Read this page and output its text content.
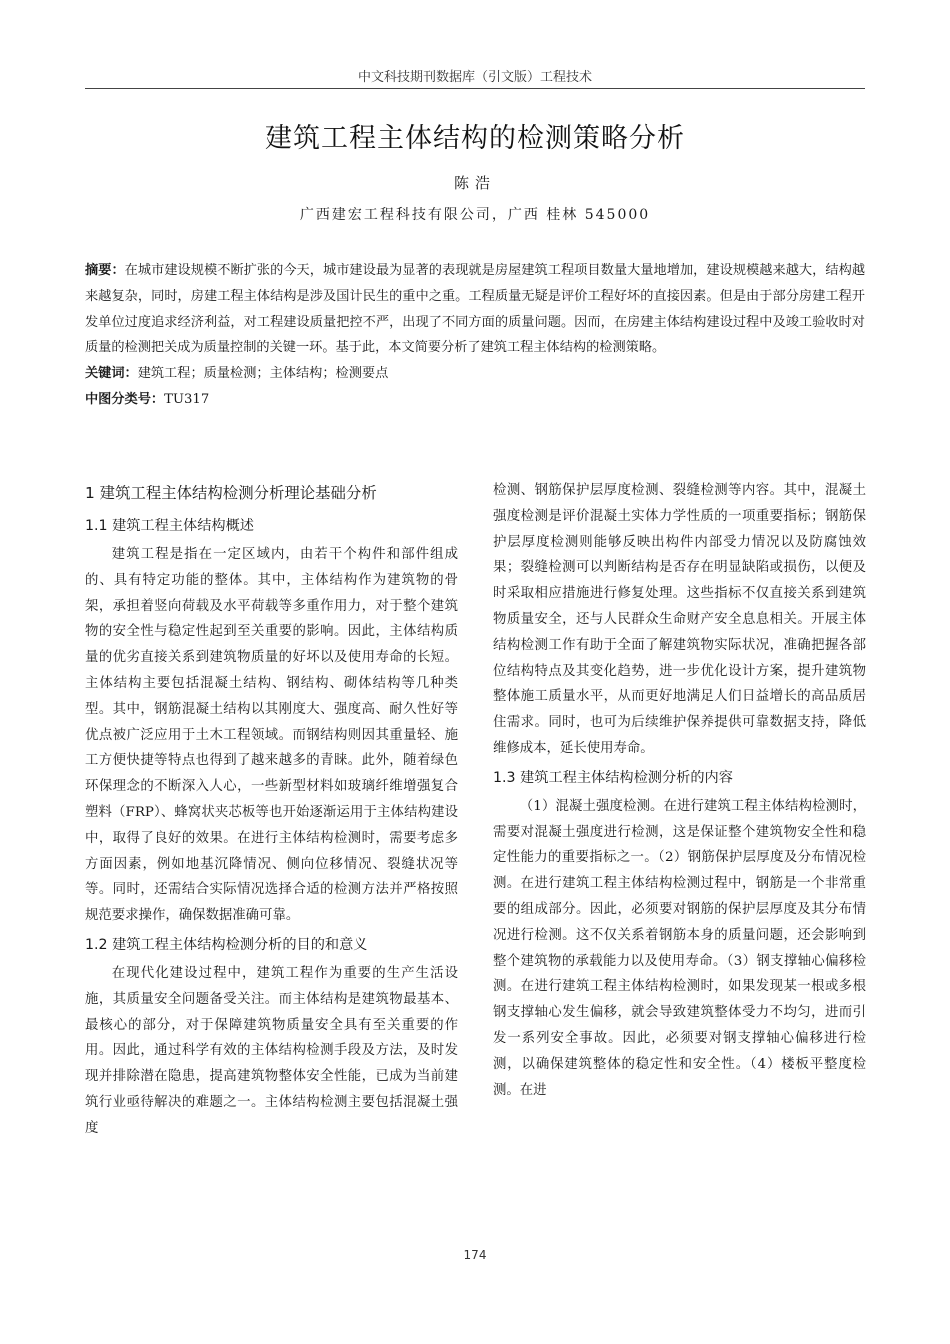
中文科技期刊数据库（引文版）工程技术
建筑工程主体结构的检测策略分析
陈浩
广西建宏工程科技有限公司，广西 桂林 545000

摘要：在城市建设规模不断扩张的今天，城市建设最为显著的表现就是房屋建筑工程项目数量大量地增加，建设规模越来越大，结构越来越复杂，同时，房建工程主体结构是涉及国计民生的重中之重。工程质量无疑是评价工程好坏的直接因素。但是由于部分房建工程开发单位过度追求经济利益，对工程建设质量把控不严，出现了不同方面的质量问题。因而，在房建主体结构建设过程中及竣工验收时对质量的检测把关成为质量控制的关键一环。基于此，本文简要分析了建筑工程主体结构的检测策略。

关键词：建筑工程；质量检测；主体结构；检测要点

中图分类号：TU317

1 建筑工程主体结构检测分析理论基础分析
1.1 建筑工程主体结构概述

建筑工程是指在一定区域内，由若干个构件和部件组成的、具有特定功能的整体。其中，主体结构作为建筑物的骨架，承担着竖向荷载及水平荷载等多重作用力，对于整个建筑物的安全性与稳定性起到至关重要的影响。因此，主体结构质量的优劣直接关系到建筑物质量的好坏以及使用寿命的长短。主体结构主要包括混凝土结构、钢结构、砌体结构等几种类型。其中，钢筋混凝土结构以其刚度大、强度高、耐久性好等优点被广泛应用于土木工程领域。而钢结构则因其重量轻、施工方便快捷等特点也得到了越来越多的青睐。此外，随着绿色环保理念的不断深入人心，一些新型材料如玻璃纤维增强复合塑料（FRP）、蜂窝状夹芯板等也开始逐渐运用于主体结构建设中，取得了良好的效果。在进行主体结构检测时，需要考虑多方面因素，例如地基沉降情况、侧向位移情况、裂缝状况等等。同时，还需结合实际情况选择合适的检测方法并严格按照规范要求操作，确保数据准确可靠。

1.2 建筑工程主体结构检测分析的目的和意义

在现代化建设过程中，建筑工程作为重要的生产生活设施，其质量安全问题备受关注。而主体结构是建筑物最基本、最核心的部分，对于保障建筑物质量安全具有至关重要的作用。因此，通过科学有效的主体结构检测手段及方法，及时发现并排除潜在隐患，提高建筑物整体安全性能，已成为当前建筑行业亟待解决的难题之一。主体结构检测主要包括混凝土强度

检测、钢筋保护层厚度检测、裂缝检测等内容。其中，混凝土强度检测是评价混凝土实体力学性质的一项重要指标；钢筋保护层厚度检测则能够反映出构件内部受力情况以及防腐蚀效果；裂缝检测可以判断结构是否存在明显缺陷或损伤，以便及时采取相应措施进行修复处理。这些指标不仅直接关系到建筑物质量安全，还与人民群众生命财产安全息息相关。开展主体结构检测工作有助于全面了解建筑物实际状况，准确把握各部位结构特点及其变化趋势，进一步优化设计方案，提升建筑物整体施工质量水平，从而更好地满足人们日益增长的高品质居住需求。同时，也可为后续维护保养提供可靠数据支持，降低维修成本，延长使用寿命。

1.3 建筑工程主体结构检测分析的内容

（1）混凝土强度检测。在进行建筑工程主体结构检测时，需要对混凝土强度进行检测，这是保证整个建筑物安全性和稳定性能力的重要指标之一。（2）钢筋保护层厚度及分布情况检测。在进行建筑工程主体结构检测过程中，钢筋是一个非常重要的组成部分。因此，必须要对钢筋的保护层厚度及其分布情况进行检测。这不仅关系着钢筋本身的质量问题，还会影响到整个建筑物的承载能力以及使用寿命。（3）钢支撑轴心偏移检测。在进行建筑工程主体结构检测时，如果发现某一根或多根钢支撑轴心发生偏移，就会导致建筑整体受力不均匀，进而引发一系列安全事故。因此，必须要对钢支撑轴心偏移进行检测，以确保建筑整体的稳定性和安全性。（4）楼板平整度检测。在进

174
